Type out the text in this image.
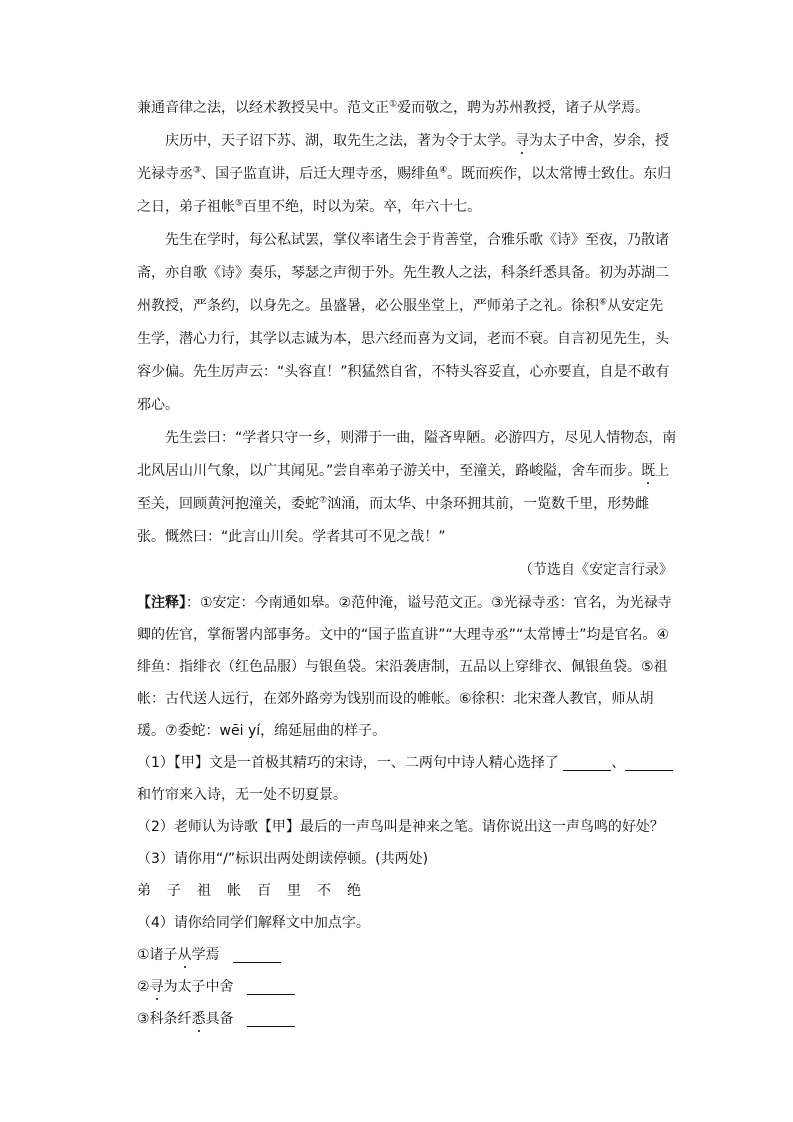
兼通音律之法，以经术教授吴中。范文正①爱而敬之，聘为苏州教授，诸子从学焉。

庆历中，天子诏下苏、湖，取先生之法，著为令于太学。寻为太子中舍，岁余，授光禄寺丞③、国子监直讲，后迁大理寺丞，赐绯鱼④。既而疾作，以太常博士致仕。东归之日，弟子祖帐⑤百里不绝，时以为荣。卒，年六十七。

先生在学时，每公私试罢，掌仪率诸生会于肯善堂，合雅乐歌《诗》至夜，乃散诸斋，亦自歌《诗》奏乐，琴瑟之声彻于外。先生教人之法，科条纤悉具备。初为苏湖二州教授，严条约，以身先之。虽盛暑，必公服坐堂上，严师弟子之礼。徐积⑥从安定先生学，潜心力行，其学以志诚为本，思六经而喜为文词，老而不衰。自言初见先生，头容少偏。先生厉声云：“头容直！”积猛然自省，不特头容妥直，心亦要直，自是不敢有邪心。

先生尝曰：“学者只守一乡，则滞于一曲，隘吝卑陋。必游四方，尽见人情物态，南北风居山川气象，以广其闻见。”尝自率弟子游关中，至潼关，路峻隘，舍车而步。既上至关，回顾黄河抱潼关，委蛇⑦汹涌，而太华、中条环拥其前，一览数千里，形势雌张。慨然曰：“此言山川矣。学者其可不见之哉！”

（节选自《安定言行录》

【注释】：①安定：今南通如皋。②范仲淹，谥号范文正。③光禄寺丞：官名，为光禄寺卿的佐官，掌衙署内部事务。文中的“国子监直讲”“大理寺丞”“太常博士”均是官名。④绯鱼：指绯衣（红色品服）与银鱼袋。宋沿袭唐制，五品以上穿绯衣、佩银鱼袋。⑤祖帐：古代送人远行，在郊外路旁为饯别而设的帷帐。⑥徐积：北宋聋人教官，师从胡瑗。⑦委蛇：wēi yí，绵延屈曲的样子。

（1）【甲】文是一首极其精巧的宋诗，一、二两句中诗人精心选择了	、和竹帘来入诗，无一处不切夏景。

（2）老师认为诗歌【甲】最后的一声鸟叫是神来之笔。请你说出这一声鸟鸣的好处？

（3）请你用“/”标识出两处朗读停顿。(共两处)

弟子祖帐百里不绝

（4）请你给同学们解释文中加点字。

①诸子从学焉

②寻为太子中舍

③科条纤悉具备
